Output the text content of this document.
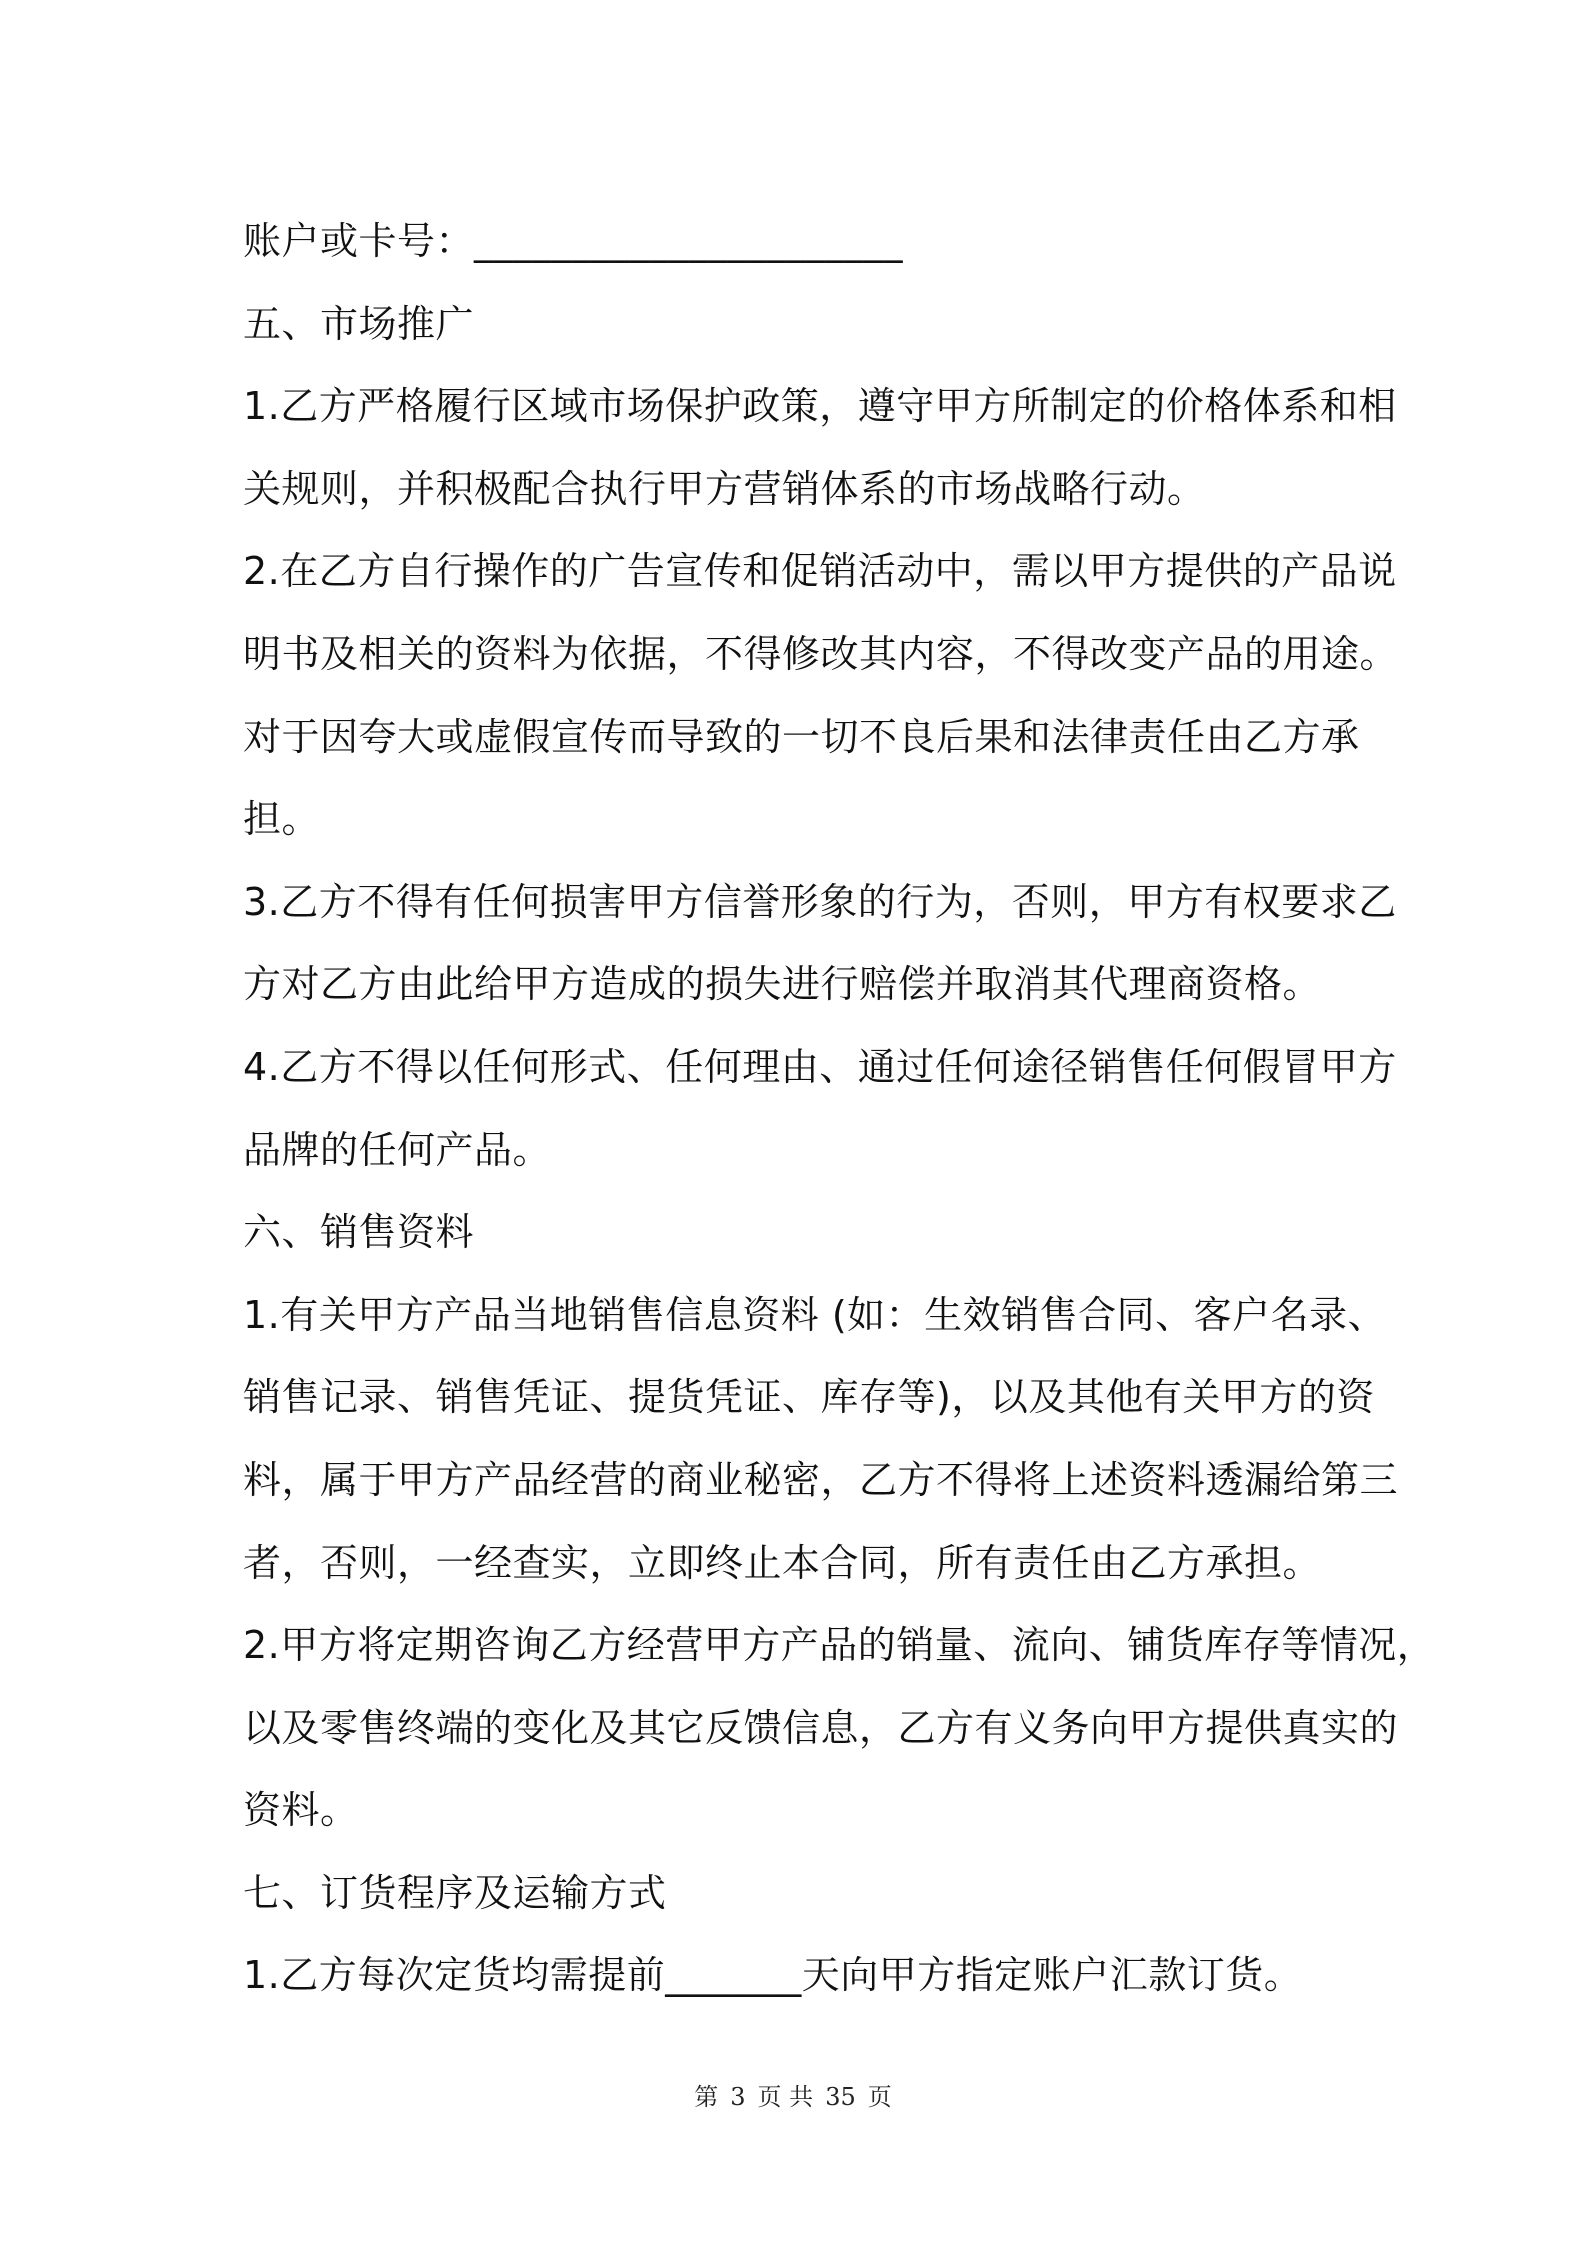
账户或卡号：______________________
五、市场推广
1.乙方严格履行区域市场保护政策，遵守甲方所制定的价格体系和相
关规则，并积极配合执行甲方营销体系的市场战略行动。
2.在乙方自行操作的广告宣传和促销活动中，需以甲方提供的产品说
明书及相关的资料为依据，不得修改其内容，不得改变产品的用途。
对于因夸大或虚假宣传而导致的一切不良后果和法律责任由乙方承
担。
3.乙方不得有任何损害甲方信誉形象的行为，否则，甲方有权要求乙
方对乙方由此给甲方造成的损失进行赔偿并取消其代理商资格。
4.乙方不得以任何形式、任何理由、通过任何途径销售任何假冒甲方
品牌的任何产品。
六、销售资料
1.有关甲方产品当地销售信息资料 (如：生效销售合同、客户名录、
销售记录、销售凭证、提货凭证、库存等)，以及其他有关甲方的资
料，属于甲方产品经营的商业秘密，乙方不得将上述资料透漏给第三
者，否则，一经查实，立即终止本合同，所有责任由乙方承担。
2.甲方将定期咨询乙方经营甲方产品的销量、流向、铺货库存等情况，
以及零售终端的变化及其它反馈信息，乙方有义务向甲方提供真实的
资料。
七、订货程序及运输方式
1.乙方每次定货均需提前_______天向甲方指定账户汇款订货。
第 3 页 共 35 页
